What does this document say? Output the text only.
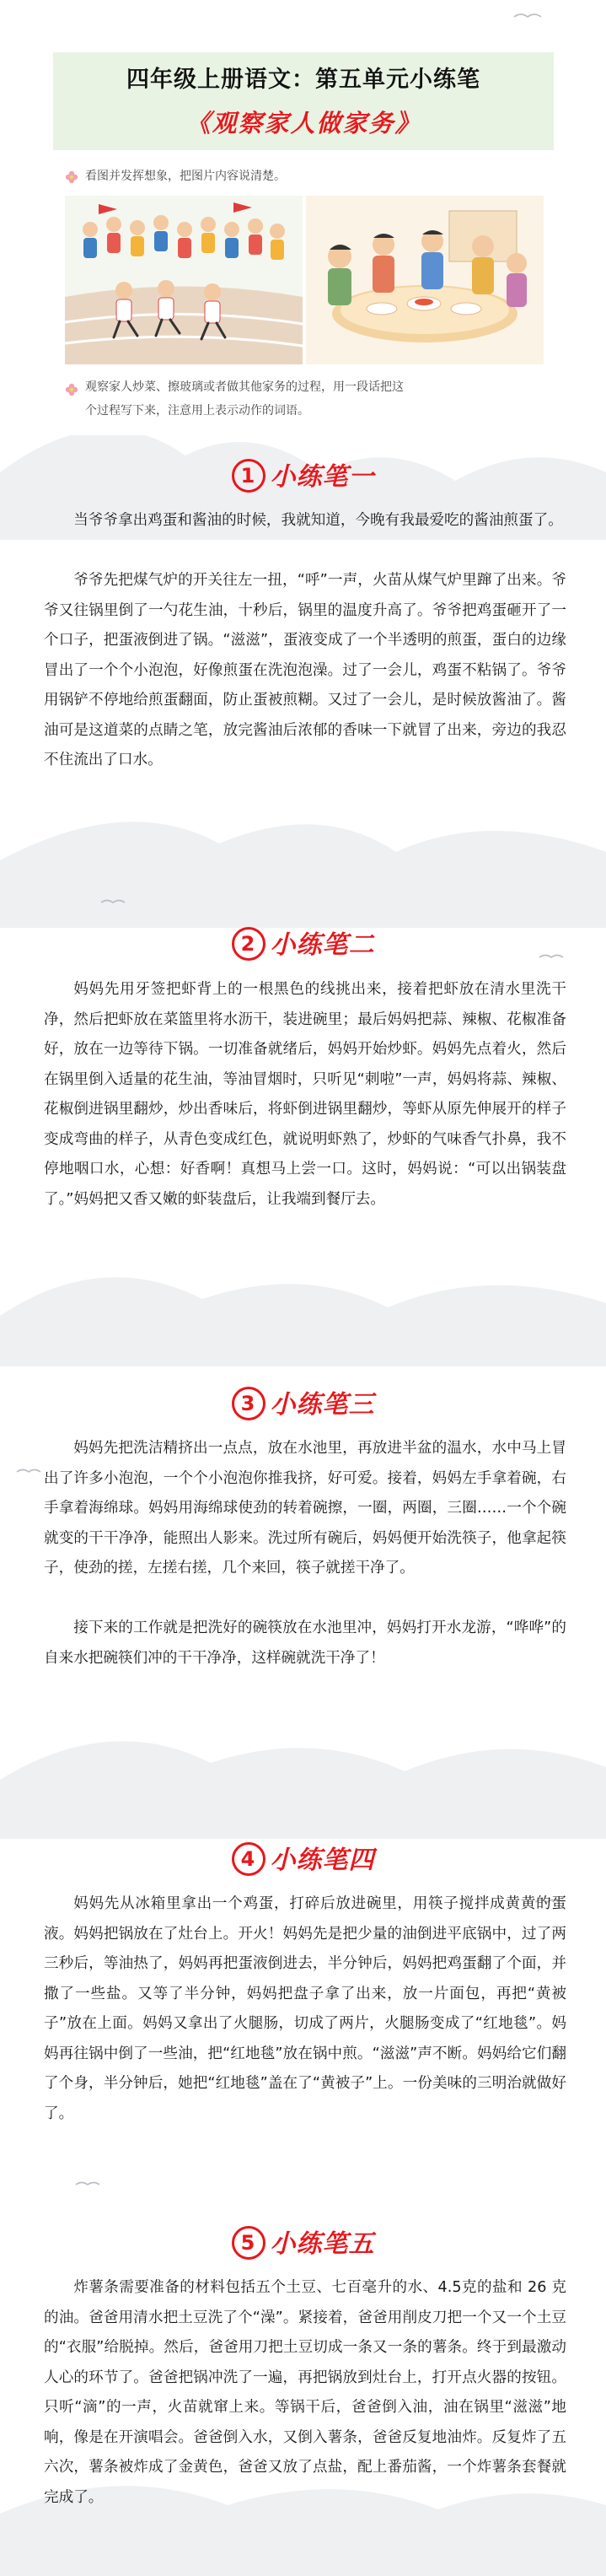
四年级上册语文：第五单元小练笔
《观察家人做家务》
看图并发挥想象，把图片内容说清楚。
观察家人炒菜、擦玻璃或者做其他家务的过程，用一段话把这
个过程写下来，注意用上表示动作的词语。
1 小练笔一

当爷爷拿出鸡蛋和酱油的时候，我就知道，今晚有我最爱吃的酱油煎蛋了。

爷爷先把煤气炉的开关往左一扭，“呼”一声，火苗从煤气炉里蹿了出来。爷爷又往锅里倒了一勺花生油，十秒后，锅里的温度升高了。爷爷把鸡蛋砸开了一个口子，把蛋液倒进了锅。“滋滋”，蛋液变成了一个半透明的煎蛋，蛋白的边缘冒出了一个个小泡泡，好像煎蛋在洗泡泡澡。过了一会儿，鸡蛋不粘锅了。爷爷用锅铲不停地给煎蛋翻面，防止蛋被煎糊。又过了一会儿，是时候放酱油了。酱油可是这道菜的点睛之笔，放完酱油后浓郁的香味一下就冒了出来，旁边的我忍不住流出了口水。

2 小练笔二

妈妈先用牙签把虾背上的一根黑色的线挑出来，接着把虾放在清水里洗干净，然后把虾放在菜篮里将水沥干，装进碗里；最后妈妈把蒜、辣椒、花椒准备好，放在一边等待下锅。一切准备就绪后，妈妈开始炒虾。妈妈先点着火，然后在锅里倒入适量的花生油，等油冒烟时，只听见“刺啦”一声，妈妈将蒜、辣椒、花椒倒进锅里翻炒，炒出香味后，将虾倒进锅里翻炒，等虾从原先伸展开的样子变成弯曲的样子，从青色变成红色，就说明虾熟了，炒虾的气味香气扑鼻，我不停地咽口水，心想：好香啊！真想马上尝一口。这时，妈妈说：“可以出锅装盘了。”妈妈把又香又嫩的虾装盘后，让我端到餐厅去。

3 小练笔三

妈妈先把洗洁精挤出一点点，放在水池里，再放进半盆的温水，水中马上冒出了许多小泡泡，一个个小泡泡你推我挤，好可爱。接着，妈妈左手拿着碗，右手拿着海绵球。妈妈用海绵球使劲的转着碗擦，一圈，两圈，三圈……一个个碗就变的干干净净，能照出人影来。洗过所有碗后，妈妈便开始洗筷子，他拿起筷子，使劲的搓，左搓右搓，几个来回，筷子就搓干净了。

接下来的工作就是把洗好的碗筷放在水池里冲，妈妈打开水龙游，“哗哗”的自来水把碗筷们冲的干干净净，这样碗就洗干净了！

4 小练笔四

妈妈先从冰箱里拿出一个鸡蛋，打碎后放进碗里，用筷子搅拌成黄黄的蛋液。妈妈把锅放在了灶台上。开火！妈妈先是把少量的油倒进平底锅中，过了两三秒后，等油热了，妈妈再把蛋液倒进去，半分钟后，妈妈把鸡蛋翻了个面，并撒了一些盐。又等了半分钟，妈妈把盘子拿了出来，放一片面包，再把“黄被子”放在上面。妈妈又拿出了火腿肠，切成了两片，火腿肠变成了“红地毯”。妈妈再往锅中倒了一些油，把“红地毯”放在锅中煎。“滋滋”声不断。妈妈给它们翻了个身，半分钟后，她把“红地毯”盖在了“黄被子”上。一份美味的三明治就做好了。

5 小练笔五

炸薯条需要准备的材料包括五个土豆、七百毫升的水、4.5克的盐和 26 克的油。爸爸用清水把土豆洗了个“澡”。紧接着，爸爸用削皮刀把一个又一个土豆的“衣服”给脱掉。然后，爸爸用刀把土豆切成一条又一条的薯条。终于到最激动人心的环节了。爸爸把锅冲洗了一遍，再把锅放到灶台上，打开点火器的按钮。只听“滴”的一声，火苗就窜上来。等锅干后，爸爸倒入油，油在锅里“滋滋”地响，像是在开演唱会。爸爸倒入水，又倒入薯条，爸爸反复地油炸。反复炸了五六次，薯条被炸成了金黄色，爸爸又放了点盐，配上番茄酱，一个炸薯条套餐就完成了。
